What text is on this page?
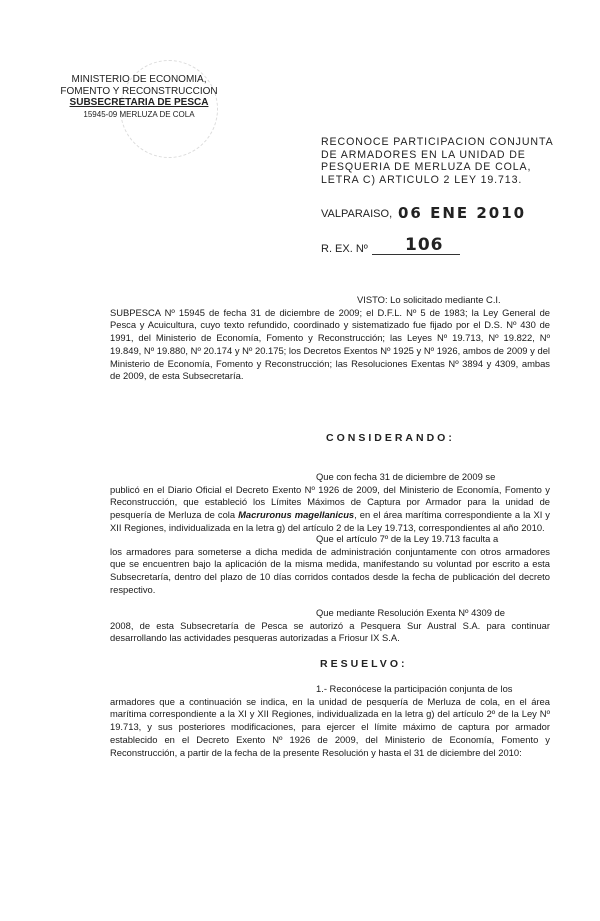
MINISTERIO DE ECONOMIA,
FOMENTO Y RECONSTRUCCION
SUBSECRETARIA DE PESCA
15945-09 MERLUZA DE COLA
RECONOCE PARTICIPACION CONJUNTA
DE ARMADORES EN LA UNIDAD DE
PESQUERIA DE MERLUZA DE COLA,
LETRA C) ARTICULO 2 LEY 19.713.
VALPARAISO, 06 ENE 2010
R. EX. Nº 106
VISTO: Lo solicitado mediante C.I.
SUBPESCA Nº 15945 de fecha 31 de diciembre de 2009; el D.F.L. Nº 5 de 1983; la Ley General de Pesca y Acuicultura, cuyo texto refundido, coordinado y sistematizado fue fijado por el D.S. Nº 430 de 1991, del Ministerio de Economía, Fomento y Reconstrucción; las Leyes Nº 19.713, Nº 19.822, Nº 19.849, Nº 19.880, Nº 20.174 y Nº 20.175; los Decretos Exentos Nº 1925 y Nº 1926, ambos de 2009 y del Ministerio de Economía, Fomento y Reconstrucción; las Resoluciones Exentas Nº 3894 y 4309, ambas de 2009, de esta Subsecretaría.
CONSIDERANDO:
Que con fecha 31 de diciembre de 2009 se
publicó en el Diario Oficial el Decreto Exento Nº 1926 de 2009, del Ministerio de Economía, Fomento y Reconstrucción, que estableció los Límites Máximos de Captura por Armador para la unidad de pesquería de Merluza de cola Macruronus magellanicus, en el área marítima correspondiente a la XI y XII Regiones, individualizada en la letra g) del artículo 2 de la Ley 19.713, correspondientes al año 2010.
Que el artículo 7º de la Ley 19.713 faculta a
los armadores para someterse a dicha medida de administración conjuntamente con otros armadores que se encuentren bajo la aplicación de la misma medida, manifestando su voluntad por escrito a esta Subsecretaría, dentro del plazo de 10 días corridos contados desde la fecha de publicación del decreto respectivo.
Que mediante Resolución Exenta Nº 4309 de
2008, de esta Subsecretaría de Pesca se autorizó a Pesquera Sur Austral S.A. para continuar desarrollando las actividades pesqueras autorizadas a Friosur IX S.A.
RESUELVO:
1.- Reconócese la participación conjunta de los
armadores que a continuación se indica, en la unidad de pesquería de Merluza de cola, en el área marítima correspondiente a la XI y XII Regiones, individualizada en la letra g) del artículo 2º de la Ley Nº 19.713, y sus posteriores modificaciones, para ejercer el límite máximo de captura por armador establecido en el Decreto Exento Nº 1926 de 2009, del Ministerio de Economía, Fomento y Reconstrucción, a partir de la fecha de la presente Resolución y hasta el 31 de diciembre del 2010:
